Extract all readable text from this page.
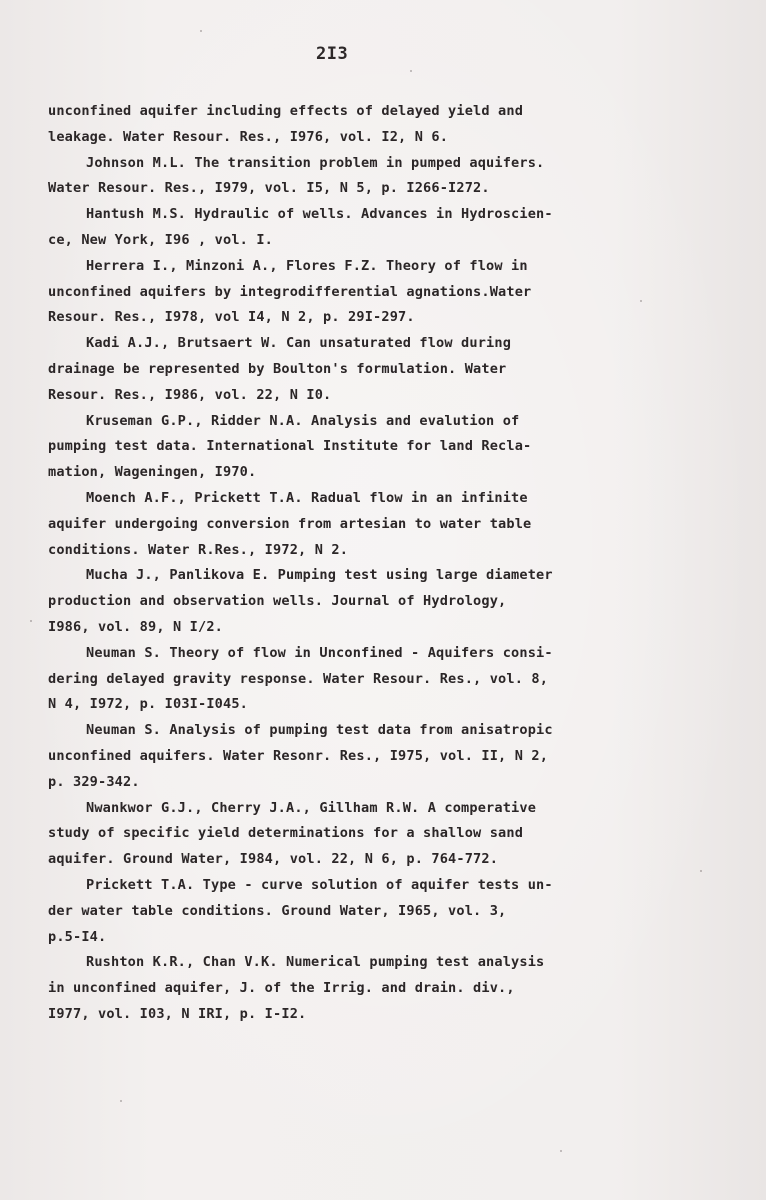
2I3
unconfined aquifer including effects of delayed yield and
leakage. Water Resour. Res., I976, vol. I2, N 6.
Johnson M.L. The transition problem in pumped aquifers.
Water Resour. Res., I979, vol. I5, N 5, p. I266-I272.
Hantush M.S. Hydraulic of wells. Advances in Hydroscien-
ce, New York, I96 , vol. I.
Herrera I., Minzoni A., Flores F.Z. Theory of flow in
unconfined aquifers by integrodifferential agnations.Water
Resour. Res., I978, vol I4, N 2, p. 29I-297.
Kadi A.J., Brutsaert W. Can unsaturated flow during
drainage be represented by Boulton's formulation. Water
Resour. Res., I986, vol. 22, N I0.
Kruseman G.P., Ridder N.A. Analysis and evalution of
pumping test data. International Institute for land Recla-
mation, Wageningen, I970.
Moench A.F., Prickett T.A. Radual flow in an infinite
aquifer undergoing conversion from artesian to water table
conditions. Water R.Res., I972, N 2.
Mucha J., Panlikova E. Pumping test using large diameter
production and observation wells. Journal of Hydrology,
I986, vol. 89, N I/2.
Neuman S. Theory of flow in Unconfined - Aquifers consi-
dering delayed gravity response. Water Resour. Res., vol. 8,
N 4, I972, p. I03I-I045.
Neuman S. Analysis of pumping test data from anisatropic
unconfined aquifers. Water Resonr. Res., I975, vol. II, N 2,
p. 329-342.
Nwankwor G.J., Cherry J.A., Gillham R.W. A comperative
study of specific yield determinations for a shallow sand
aquifer. Ground Water, I984, vol. 22, N 6, p. 764-772.
Prickett T.A. Type - curve solution of aquifer tests un-
der water table conditions. Ground Water, I965, vol. 3,
p.5-I4.
Rushton K.R., Chan V.K. Numerical pumping test analysis
in unconfined aquifer, J. of the Irrig. and drain. div.,
I977, vol. I03, N IRI, p. I-I2.
